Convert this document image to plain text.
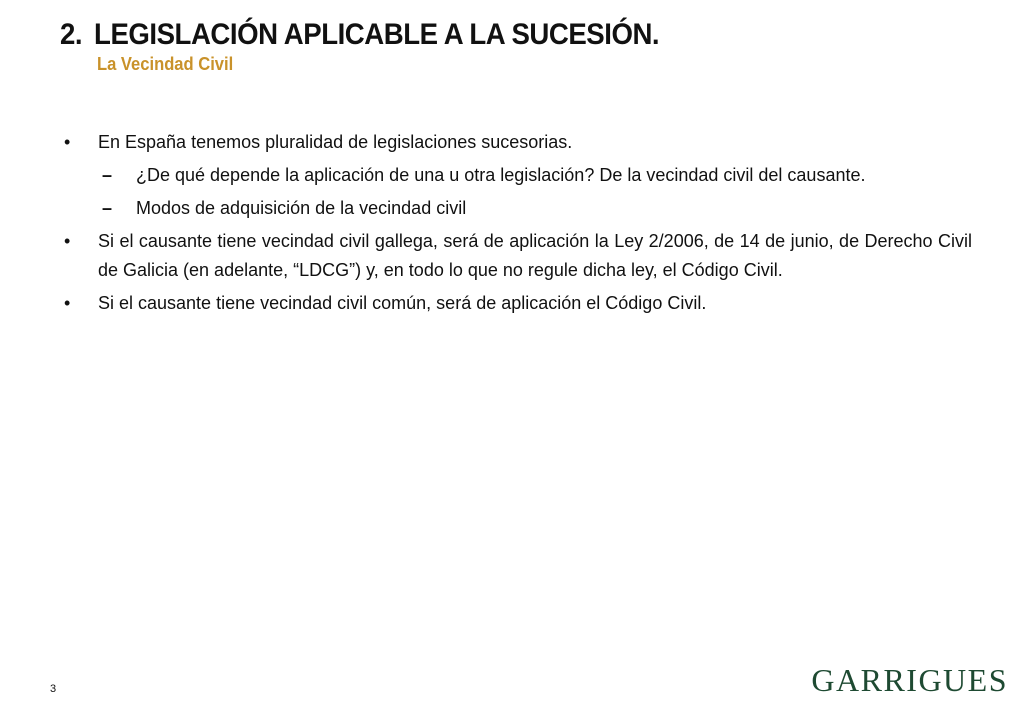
2. LEGISLACIÓN APLICABLE A LA SUCESIÓN.
La Vecindad Civil
• En España tenemos pluralidad de legislaciones sucesorias.
– ¿De qué depende la aplicación de una u otra legislación? De la vecindad civil del causante.
– Modos de adquisición de la vecindad civil
• Si el causante tiene vecindad civil gallega, será de aplicación la Ley 2/2006, de 14 de junio, de Derecho Civil de Galicia (en adelante, “LDCG”) y, en todo lo que no regule dicha ley, el Código Civil.
• Si el causante tiene vecindad civil común, será de aplicación el Código Civil.
3	GARRIGUES
